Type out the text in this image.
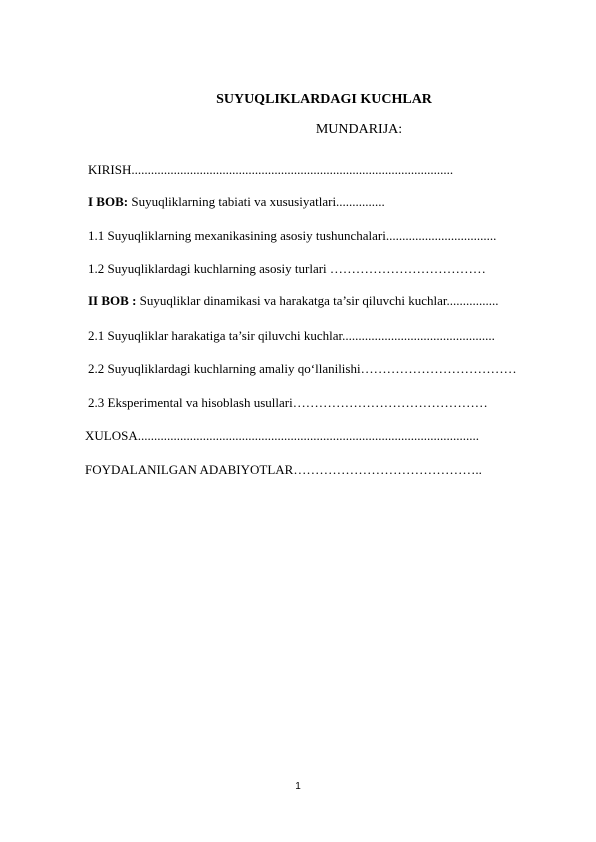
SUYUQLIKLARDAGI KUCHLAR
MUNDARIJA:
KIRISH...................................................................................................
I BOB: Suyuqliklarning tabiati va xususiyatlari...............
1.1 Suyuqliklarning mexanikasining asosiy tushunchalari..................................
1.2 Suyuqliklardagi kuchlarning asosiy turlari ………………………………
II BOB : Suyuqliklar dinamikasi va harakatga ta’sir qiluvchi kuchlar................
2.1 Suyuqliklar harakatiga ta’sir qiluvchi kuchlar...............................................
2.2 Suyuqliklardagi kuchlarning amaliy qo‘llanilishi………………………………
2.3 Eksperimental va hisoblash usullari………………………………………
XULOSA.........................................................................................................
FOYDALANILGAN ADABIYOTLAR……………………………………..
1
